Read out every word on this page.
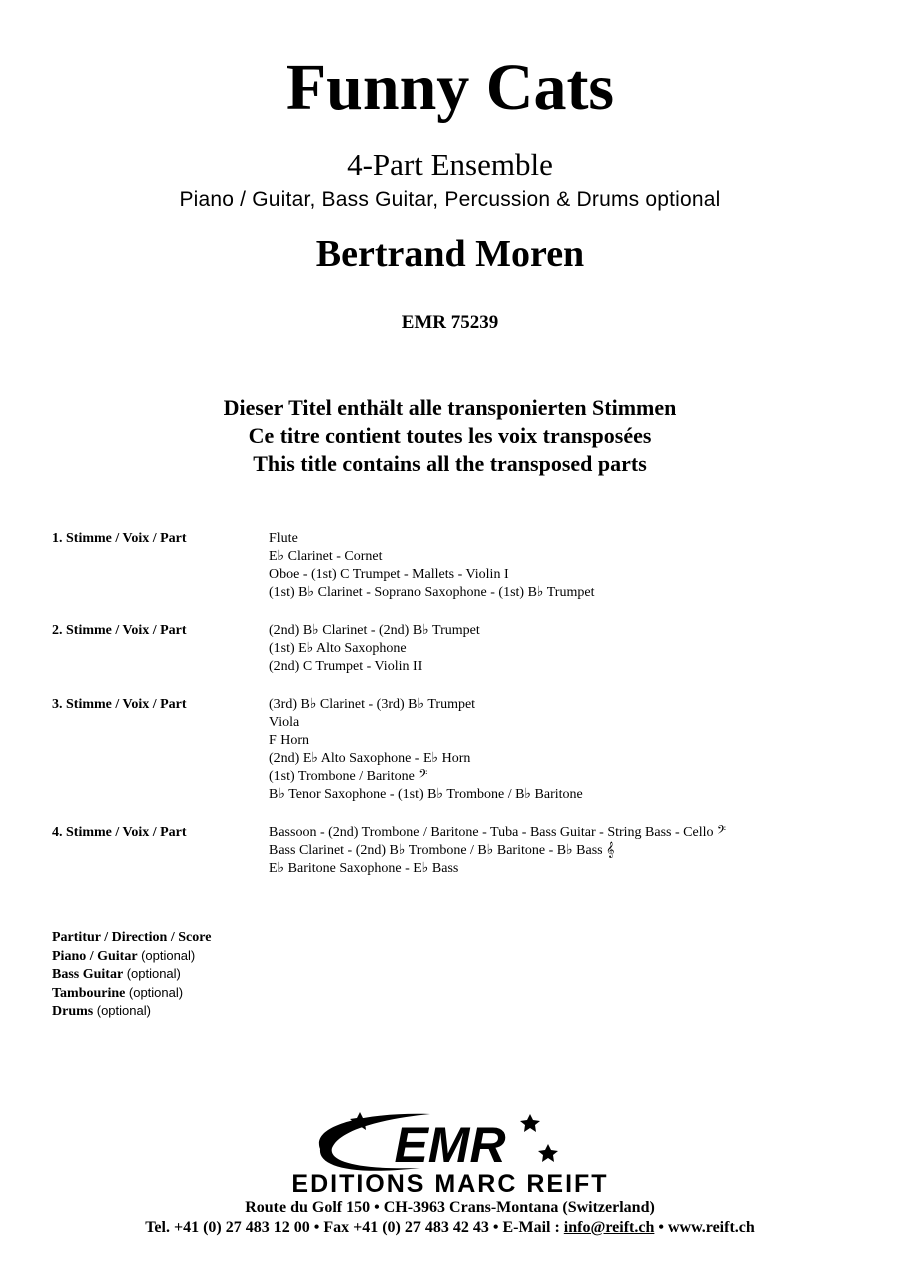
Funny Cats
4-Part Ensemble
Piano / Guitar, Bass Guitar, Percussion & Drums optional
Bertrand Moren
EMR 75239
Dieser Titel enthält alle transponierten Stimmen
Ce titre contient toutes les voix transposées
This title contains all the transposed parts
1. Stimme / Voix / Part	Flute
E♭ Clarinet - Cornet
Oboe - (1st) C Trumpet - Mallets - Violin I
(1st) B♭ Clarinet - Soprano Saxophone - (1st) B♭ Trumpet
2. Stimme / Voix / Part	(2nd) B♭ Clarinet - (2nd) B♭ Trumpet
(1st) E♭ Alto Saxophone
(2nd) C Trumpet - Violin II
3. Stimme / Voix / Part	(3rd) B♭ Clarinet - (3rd) B♭ Trumpet
Viola
F Horn
(2nd) E♭ Alto Saxophone - E♭ Horn
(1st) Trombone / Baritone 𝄢
B♭ Tenor Saxophone - (1st) B♭ Trombone / B♭ Baritone
4. Stimme / Voix / Part	Bassoon - (2nd) Trombone / Baritone - Tuba - Bass Guitar - String Bass - Cello 𝄢
Bass Clarinet - (2nd) B♭ Trombone / B♭ Baritone - B♭ Bass 𝄞
E♭ Baritone Saxophone - E♭ Bass
Partitur / Direction / Score
Piano / Guitar (optional)
Bass Guitar (optional)
Tambourine (optional)
Drums (optional)
EMR
EDITIONS MARC REIFT
Route du Golf 150 • CH-3963 Crans-Montana (Switzerland)
Tel. +41 (0) 27 483 12 00 • Fax +41 (0) 27 483 42 43 • E-Mail : info@reift.ch • www.reift.ch
